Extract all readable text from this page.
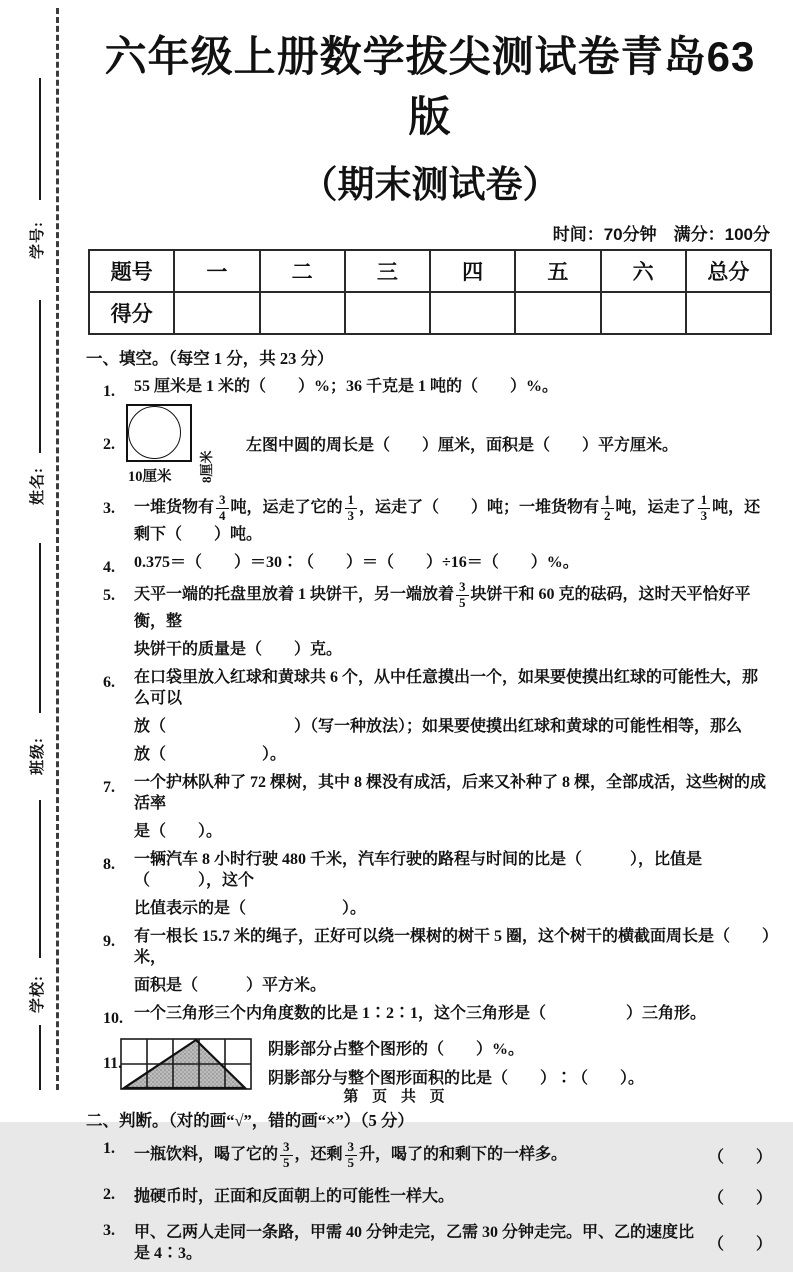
学号:
姓名:
班级:
学校:
六年级上册数学拔尖测试卷青岛63版
（期末测试卷）
时间：70分钟　满分：100分
题号	一	二	三	四	五	六	总分
得分							
一、填空。（每空 1 分，共 23 分）
1. 55 厘米是 1 米的（　　）%；36 千克是 1 吨的（　　）%。
2.
8厘米
10厘米
左图中圆的周长是（　　）厘米，面积是（　　）平方厘米。
3. 一堆货物有 $\frac{3}{4}$ 吨，运走了它的 $\frac{1}{3}$ ，运走了（　　）吨；一堆货物有 $\frac{1}{2}$ 吨，运走了 $\frac{1}{3}$ 吨，还剩下（　　）吨。
4. 0.375＝（　　）＝30∶（　　）＝（　　）÷16＝（　　）%。
5. 天平一端的托盘里放着 1 块饼干，另一端放着 $\frac{3}{5}$ 块饼干和 60 克的砝码，这时天平恰好平衡，整
块饼干的质量是（　　）克。
6. 在口袋里放入红球和黄球共 6 个，从中任意摸出一个，如果要使摸出红球的可能性大，那么可以
放（　　　　　　　　）（写一种放法）；如果要使摸出红球和黄球的可能性相等，那么
放（　　　　　　）。
7. 一个护林队种了 72 棵树，其中 8 棵没有成活，后来又补种了 8 棵，全部成活，这些树的成活率
是（　　）。
8. 一辆汽车 8 小时行驶 480 千米，汽车行驶的路程与时间的比是（　　　），比值是（　　　），这个
比值表示的是（　　　　　　）。
9. 有一根长 15.7 米的绳子，正好可以绕一棵树的树干 5 圈，这个树干的横截面周长是（　　）米，
面积是（　　　）平方米。
10. 一个三角形三个内角度数的比是 1∶2∶1，这个三角形是（　　　　　）三角形。
11.
阴影部分占整个图形的（　　）%。
阴影部分与整个图形面积的比是（　　）∶（　　）。
二、判断。（对的画“√”，错的画“×”）（5 分）
1. 一瓶饮料，喝了它的 $\frac{3}{5}$ ，还剩 $\frac{3}{5}$ 升，喝了的和剩下的一样多。	（　　）
2. 抛硬币时，正面和反面朝上的可能性一样大。	（　　）
3. 甲、乙两人走同一条路，甲需 40 分钟走完，乙需 30 分钟走完。甲、乙的速度比是 4∶3。	（　　）
第 页 共 页
